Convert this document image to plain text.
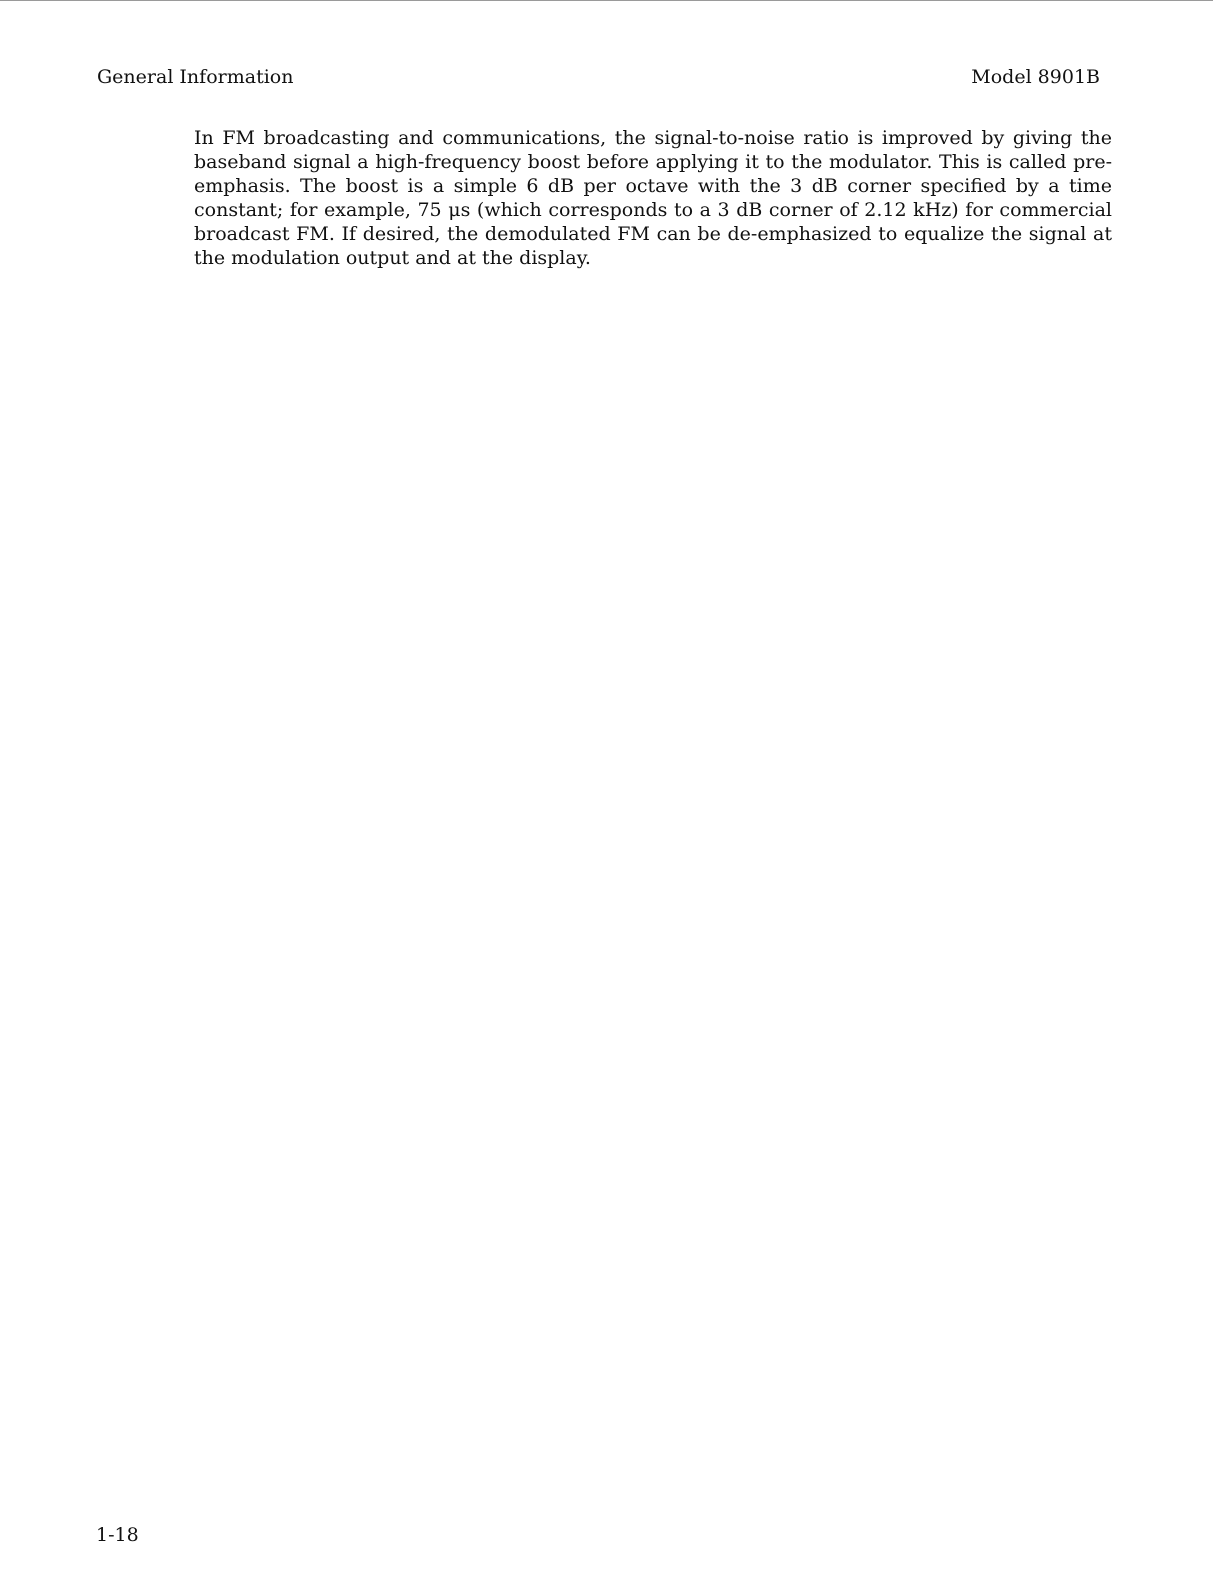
General Information	Model 8901B

In FM broadcasting and communications, the signal-to-noise ratio is improved by giving the baseband signal a high-frequency boost before applying it to the modulator. This is called pre-emphasis. The boost is a simple 6 dB per octave with the 3 dB corner specified by a time constant; for example, 75 μs (which corresponds to a 3 dB corner of 2.12 kHz) for commercial broadcast FM. If desired, the demodulated FM can be de-emphasized to equalize the signal at the modulation output and at the display.

1-18
